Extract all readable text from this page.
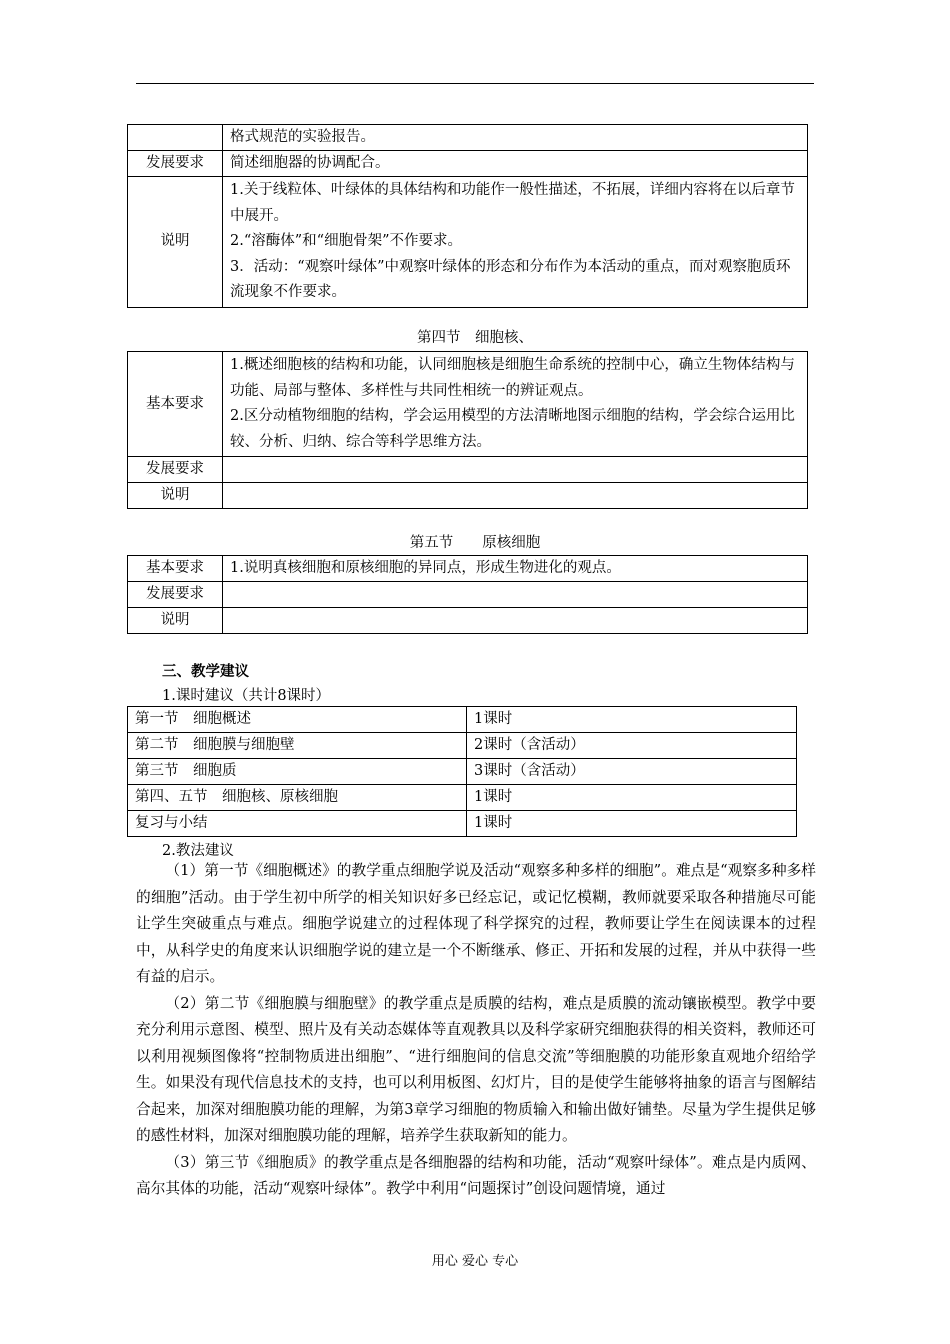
	格式规范的实验报告。
发展要求	简述细胞器的协调配合。
说明	1.关于线粒体、叶绿体的具体结构和功能作一般性描述，不拓展，详细内容将在以后章节中展开。

2.“溶酶体”和“细胞骨架”不作要求。

3．活动：“观察叶绿体”中观察叶绿体的形态和分布作为本活动的重点，而对观察胞质环流现象不作要求。

第四节　细胞核、
基本要求	1.概述细胞核的结构和功能，认同细胞核是细胞生命系统的控制中心，确立生物体结构与功能、局部与整体、多样性与共同性相统一的辨证观点。

2.区分动植物细胞的结构，学会运用模型的方法清晰地图示细胞的结构，学会综合运用比较、分析、归纳、综合等科学思维方法。

发展要求	
说明	
第五节　　原核细胞
基本要求	1.说明真核细胞和原核细胞的异同点，形成生物进化的观点。
发展要求	
说明	
三、教学建议
1.课时建议（共计8课时）
第一节　细胞概述	1课时
第二节　细胞膜与细胞壁	2课时（含活动）
第三节　细胞质	3课时（含活动）
第四、五节　细胞核、原核细胞	1课时
复习与小结	1课时
2.教法建议

（1）第一节《细胞概述》的教学重点细胞学说及活动“观察多种多样的细胞”。难点是“观察多种多样的细胞”活动。由于学生初中所学的相关知识好多已经忘记，或记忆模糊，教师就要采取各种措施尽可能让学生突破重点与难点。细胞学说建立的过程体现了科学探究的过程，教师要让学生在阅读课本的过程中，从科学史的角度来认识细胞学说的建立是一个不断继承、修正、开拓和发展的过程，并从中获得一些有益的启示。

（2）第二节《细胞膜与细胞壁》的教学重点是质膜的结构，难点是质膜的流动镶嵌模型。教学中要充分利用示意图、模型、照片及有关动态媒体等直观教具以及科学家研究细胞获得的相关资料，教师还可以利用视频图像将“控制物质进出细胞”、“进行细胞间的信息交流”等细胞膜的功能形象直观地介绍给学生。如果没有现代信息技术的支持，也可以利用板图、幻灯片，目的是使学生能够将抽象的语言与图解结合起来，加深对细胞膜功能的理解，为第3章学习细胞的物质输入和输出做好铺垫。尽量为学生提供足够的感性材料，加深对细胞膜功能的理解，培养学生获取新知的能力。

（3）第三节《细胞质》的教学重点是各细胞器的结构和功能，活动“观察叶绿体”。难点是内质网、高尔其体的功能，活动“观察叶绿体”。教学中利用“问题探讨”创设问题情境，通过

用心 爱心 专心
